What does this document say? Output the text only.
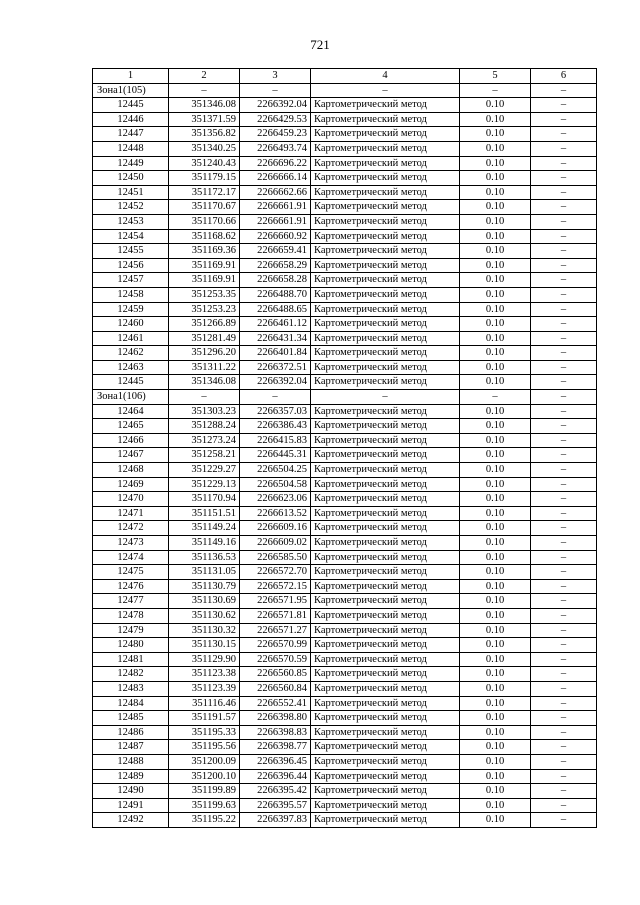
721
1	2	3	4	5	6
Зона1(105)	–	–	–	–	–
12445	351346.08	2266392.04	Картометрический метод	0.10	–
12446	351371.59	2266429.53	Картометрический метод	0.10	–
12447	351356.82	2266459.23	Картометрический метод	0.10	–
12448	351340.25	2266493.74	Картометрический метод	0.10	–
12449	351240.43	2266696.22	Картометрический метод	0.10	–
12450	351179.15	2266666.14	Картометрический метод	0.10	–
12451	351172.17	2266662.66	Картометрический метод	0.10	–
12452	351170.67	2266661.91	Картометрический метод	0.10	–
12453	351170.66	2266661.91	Картометрический метод	0.10	–
12454	351168.62	2266660.92	Картометрический метод	0.10	–
12455	351169.36	2266659.41	Картометрический метод	0.10	–
12456	351169.91	2266658.29	Картометрический метод	0.10	–
12457	351169.91	2266658.28	Картометрический метод	0.10	–
12458	351253.35	2266488.70	Картометрический метод	0.10	–
12459	351253.23	2266488.65	Картометрический метод	0.10	–
12460	351266.89	2266461.12	Картометрический метод	0.10	–
12461	351281.49	2266431.34	Картометрический метод	0.10	–
12462	351296.20	2266401.84	Картометрический метод	0.10	–
12463	351311.22	2266372.51	Картометрический метод	0.10	–
12445	351346.08	2266392.04	Картометрический метод	0.10	–
Зона1(106)	–	–	–	–	–
12464	351303.23	2266357.03	Картометрический метод	0.10	–
12465	351288.24	2266386.43	Картометрический метод	0.10	–
12466	351273.24	2266415.83	Картометрический метод	0.10	–
12467	351258.21	2266445.31	Картометрический метод	0.10	–
12468	351229.27	2266504.25	Картометрический метод	0.10	–
12469	351229.13	2266504.58	Картометрический метод	0.10	–
12470	351170.94	2266623.06	Картометрический метод	0.10	–
12471	351151.51	2266613.52	Картометрический метод	0.10	–
12472	351149.24	2266609.16	Картометрический метод	0.10	–
12473	351149.16	2266609.02	Картометрический метод	0.10	–
12474	351136.53	2266585.50	Картометрический метод	0.10	–
12475	351131.05	2266572.70	Картометрический метод	0.10	–
12476	351130.79	2266572.15	Картометрический метод	0.10	–
12477	351130.69	2266571.95	Картометрический метод	0.10	–
12478	351130.62	2266571.81	Картометрический метод	0.10	–
12479	351130.32	2266571.27	Картометрический метод	0.10	–
12480	351130.15	2266570.99	Картометрический метод	0.10	–
12481	351129.90	2266570.59	Картометрический метод	0.10	–
12482	351123.38	2266560.85	Картометрический метод	0.10	–
12483	351123.39	2266560.84	Картометрический метод	0.10	–
12484	351116.46	2266552.41	Картометрический метод	0.10	–
12485	351191.57	2266398.80	Картометрический метод	0.10	–
12486	351195.33	2266398.83	Картометрический метод	0.10	–
12487	351195.56	2266398.77	Картометрический метод	0.10	–
12488	351200.09	2266396.45	Картометрический метод	0.10	–
12489	351200.10	2266396.44	Картометрический метод	0.10	–
12490	351199.89	2266395.42	Картометрический метод	0.10	–
12491	351199.63	2266395.57	Картометрический метод	0.10	–
12492	351195.22	2266397.83	Картометрический метод	0.10	–
